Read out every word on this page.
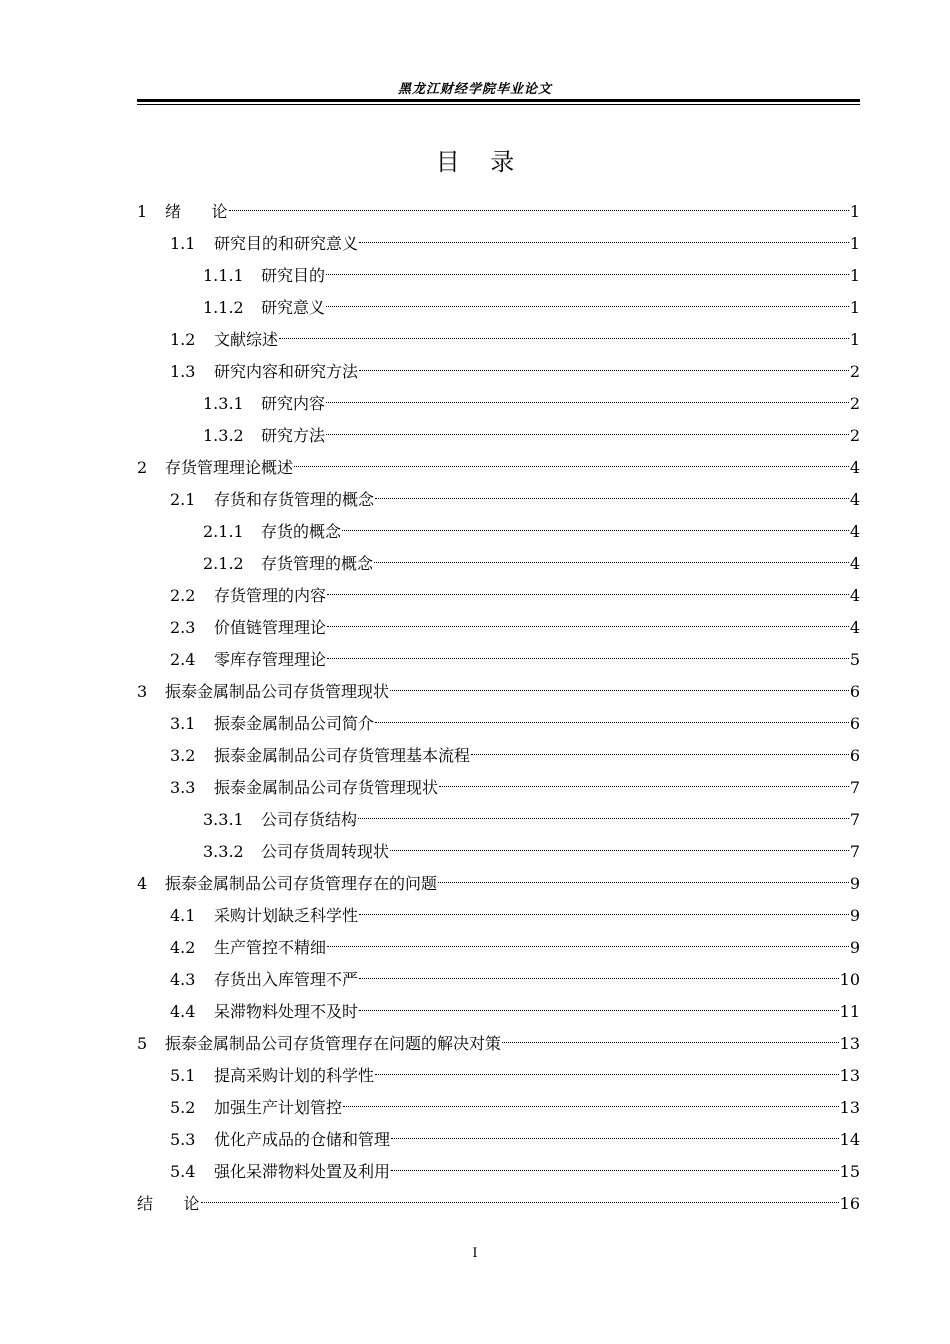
黑龙江财经学院毕业论文
目    录
1	绪      论	1
1.1	研究目的和研究意义	1
1.1.1	研究目的	1
1.1.2	研究意义	1
1.2	文献综述	1
1.3	研究内容和研究方法	2
1.3.1	研究内容	2
1.3.2	研究方法	2
2	存货管理理论概述	4
2.1	存货和存货管理的概念	4
2.1.1	存货的概念	4
2.1.2	存货管理的概念	4
2.2	存货管理的内容	4
2.3	价值链管理理论	4
2.4	零库存管理理论	5
3	振泰金属制品公司存货管理现状	6
3.1	振泰金属制品公司简介	6
3.2	振泰金属制品公司存货管理基本流程	6
3.3	振泰金属制品公司存货管理现状	7
3.3.1	公司存货结构	7
3.3.2	公司存货周转现状	7
4	振泰金属制品公司存货管理存在的问题	9
4.1	采购计划缺乏科学性	9
4.2	生产管控不精细	9
4.3	存货出入库管理不严	10
4.4	呆滞物料处理不及时	11
5	振泰金属制品公司存货管理存在问题的解决对策	13
5.1	提高采购计划的科学性	13
5.2	加强生产计划管控	13
5.3	优化产成品的仓储和管理	14
5.4	强化呆滞物料处置及利用	15
结      论	16
I
